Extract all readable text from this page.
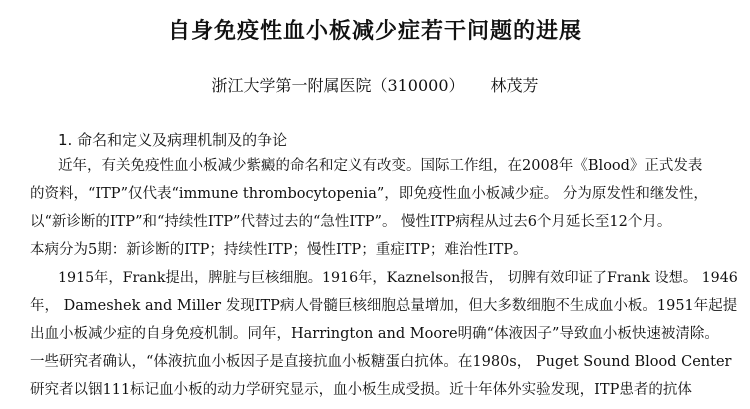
自身免疫性血小板减少症若干问题的进展
浙江大学第一附属医院（310000） 林茂芳
1. 命名和定义及病理机制及的争论
近年，有关免疫性血小板减少紫癜的命名和定义有改变。国际工作组，在2008年《Blood》正式发表
的资料，“ITP”仅代表“immune thrombocytopenia”，即免疫性血小板减少症。 分为原发性和继发性，
以“新诊断的ITP”和“持续性ITP”代替过去的“急性ITP”。 慢性ITP病程从过去6个月延长至12个月。
本病分为5期：新诊断的ITP；持续性ITP；慢性ITP；重症ITP；难治性ITP。
1915年，Frank提出，脾脏与巨核细胞。1916年，Kaznelson报告， 切脾有效印证了Frank 设想。 1946
年， Dameshek and Miller 发现ITP病人骨髓巨核细胞总量增加，但大多数细胞不生成血小板。1951年起提
出血小板减少症的自身免疫机制。同年，Harrington and Moore明确“体液因子”导致血小板快速被清除。
一些研究者确认，“体液抗血小板因子是直接抗血小板糖蛋白抗体。在1980s， Puget Sound Blood Center
研究者以铟111标记血小板的动力学研究显示，血小板生成受损。近十年体外实验发现，ITP患者的抗体
